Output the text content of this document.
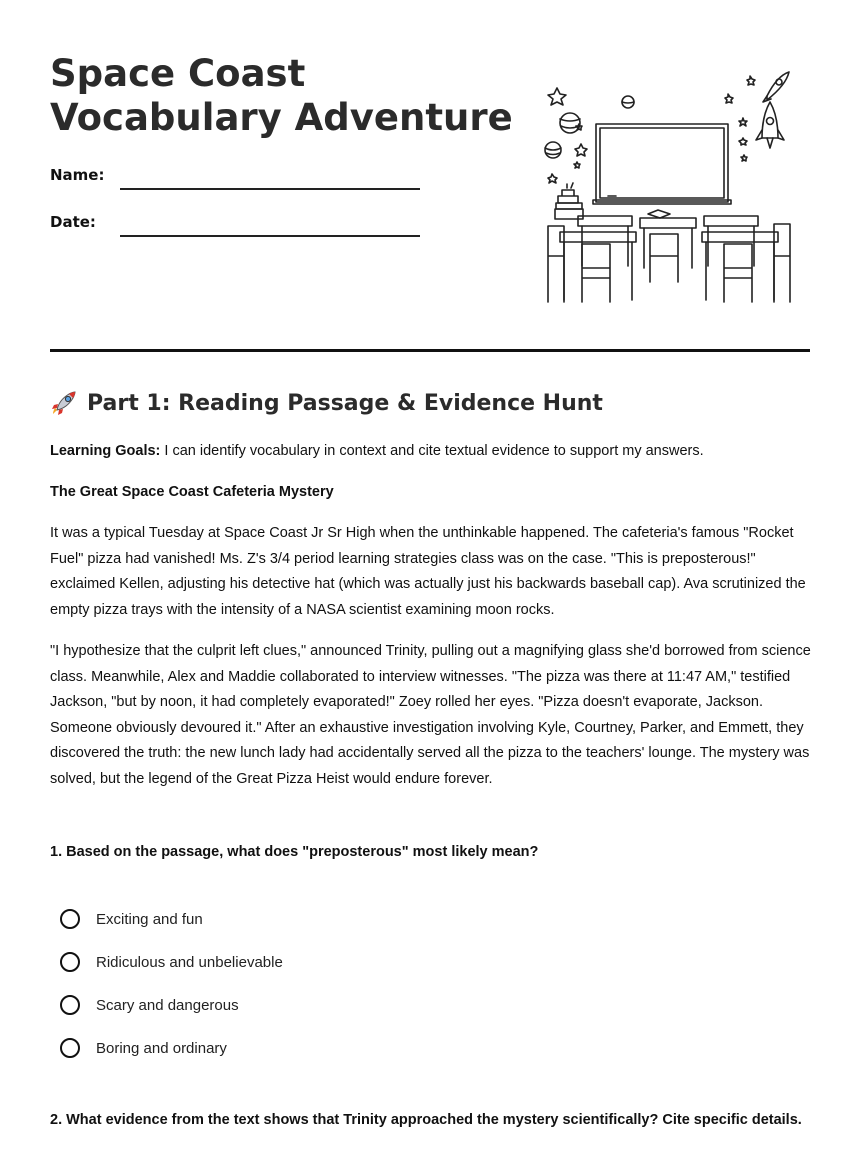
Space Coast Vocabulary Adventure
Name:
Date:
Part 1: Reading Passage & Evidence Hunt
Learning Goals: I can identify vocabulary in context and cite textual evidence to support my answers.
The Great Space Coast Cafeteria Mystery

It was a typical Tuesday at Space Coast Jr Sr High when the unthinkable happened. The cafeteria's famous "Rocket Fuel" pizza had vanished! Ms. Z's 3/4 period learning strategies class was on the case. "This is preposterous!" exclaimed Kellen, adjusting his detective hat (which was actually just his backwards baseball cap). Ava scrutinized the empty pizza trays with the intensity of a NASA scientist examining moon rocks.

"I hypothesize that the culprit left clues," announced Trinity, pulling out a magnifying glass she'd borrowed from science class. Meanwhile, Alex and Maddie collaborated to interview witnesses. "The pizza was there at 11:47 AM," testified Jackson, "but by noon, it had completely evaporated!" Zoey rolled her eyes. "Pizza doesn't evaporate, Jackson. Someone obviously devoured it." After an exhaustive investigation involving Kyle, Courtney, Parker, and Emmett, they discovered the truth: the new lunch lady had accidentally served all the pizza to the teachers' lounge. The mystery was solved, but the legend of the Great Pizza Heist would endure forever.

1. Based on the passage, what does "preposterous" most likely mean?

Exciting and fun
Ridiculous and unbelievable
Scary and dangerous
Boring and ordinary

2. What evidence from the text shows that Trinity approached the mystery scientifically? Cite specific details.
